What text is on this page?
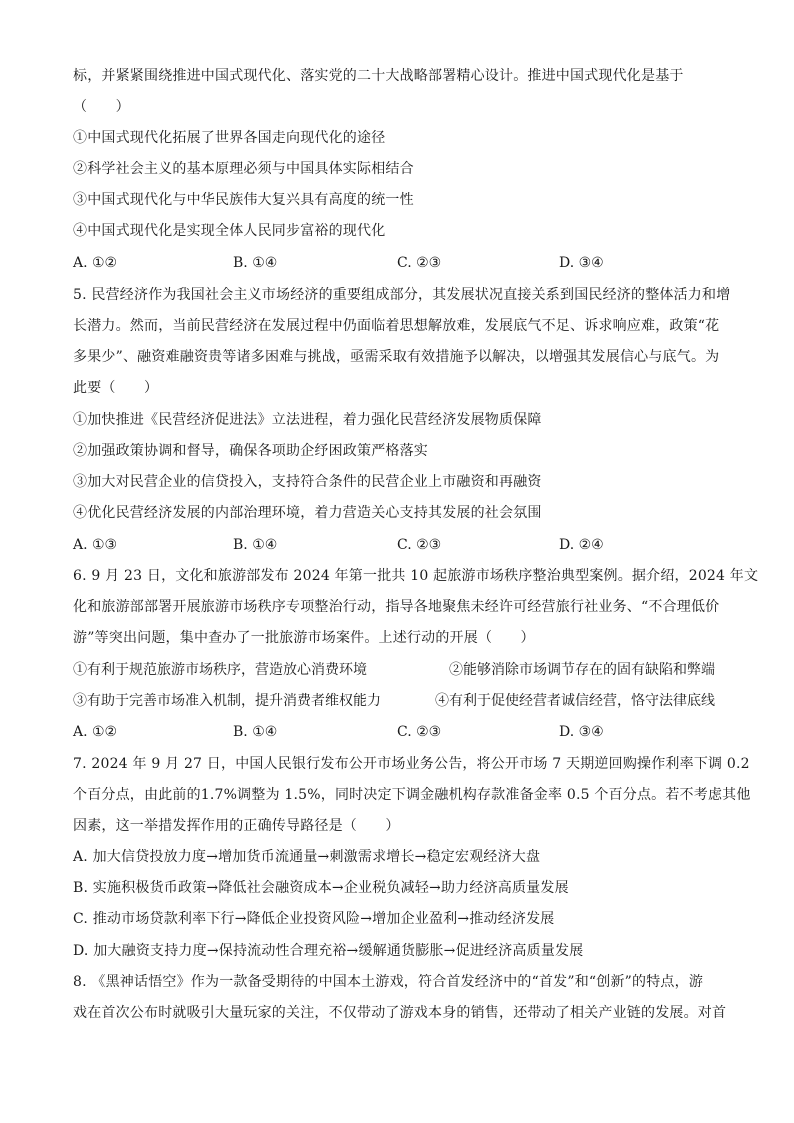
标，并紧紧围绕推进中国式现代化、落实党的二十大战略部署精心设计。推进中国式现代化是基于
（　　）
①中国式现代化拓展了世界各国走向现代化的途径
②科学社会主义的基本原理必须与中国具体实际相结合
③中国式现代化与中华民族伟大复兴具有高度的统一性
④中国式现代化是实现全体人民同步富裕的现代化
A. ①②	B. ①④	C. ②③	D. ③④
5. 民营经济作为我国社会主义市场经济的重要组成部分，其发展状况直接关系到国民经济的整体活力和增
长潜力。然而，当前民营经济在发展过程中仍面临着思想解放难，发展底气不足、诉求响应难，政策“花
多果少”、融资难融资贵等诸多困难与挑战，亟需采取有效措施予以解决，以增强其发展信心与底气。为
此要（　　）
①加快推进《民营经济促进法》立法进程，着力强化民营经济发展物质保障
②加强政策协调和督导，确保各项助企纾困政策严格落实
③加大对民营企业的信贷投入，支持符合条件的民营企业上市融资和再融资
④优化民营经济发展的内部治理环境，着力营造关心支持其发展的社会氛围
A. ①③	B. ①④	C. ②③	D. ②④
6. 9 月 23 日，文化和旅游部发布 2024 年第一批共 10 起旅游市场秩序整治典型案例。据介绍，2024 年文
化和旅游部部署开展旅游市场秩序专项整治行动，指导各地聚焦未经许可经营旅行社业务、“不合理低价
游”等突出问题，集中查办了一批旅游市场案件。上述行动的开展（　　）
①有利于规范旅游市场秩序，营造放心消费环境	②能够消除市场调节存在的固有缺陷和弊端
③有助于完善市场准入机制，提升消费者维权能力	④有利于促使经营者诚信经营，恪守法律底线
A. ①②	B. ①④	C. ②③	D. ③④
7. 2024 年 9 月 27 日，中国人民银行发布公开市场业务公告，将公开市场 7 天期逆回购操作利率下调 0.2
个百分点，由此前的1.7%调整为 1.5%，同时决定下调金融机构存款准备金率 0.5 个百分点。若不考虑其他
因素，这一举措发挥作用的正确传导路径是（　　）
A. 加大信贷投放力度→增加货币流通量→刺激需求增长→稳定宏观经济大盘
B. 实施积极货币政策→降低社会融资成本→企业税负减轻→助力经济高质量发展
C. 推动市场贷款利率下行→降低企业投资风险→增加企业盈利→推动经济发展
D. 加大融资支持力度→保持流动性合理充裕→缓解通货膨胀→促进经济高质量发展
8. 《黑神话悟空》作为一款备受期待的中国本土游戏，符合首发经济中的“首发”和“创新”的特点，游
戏在首次公布时就吸引大量玩家的关注，不仅带动了游戏本身的销售，还带动了相关产业链的发展。对首
